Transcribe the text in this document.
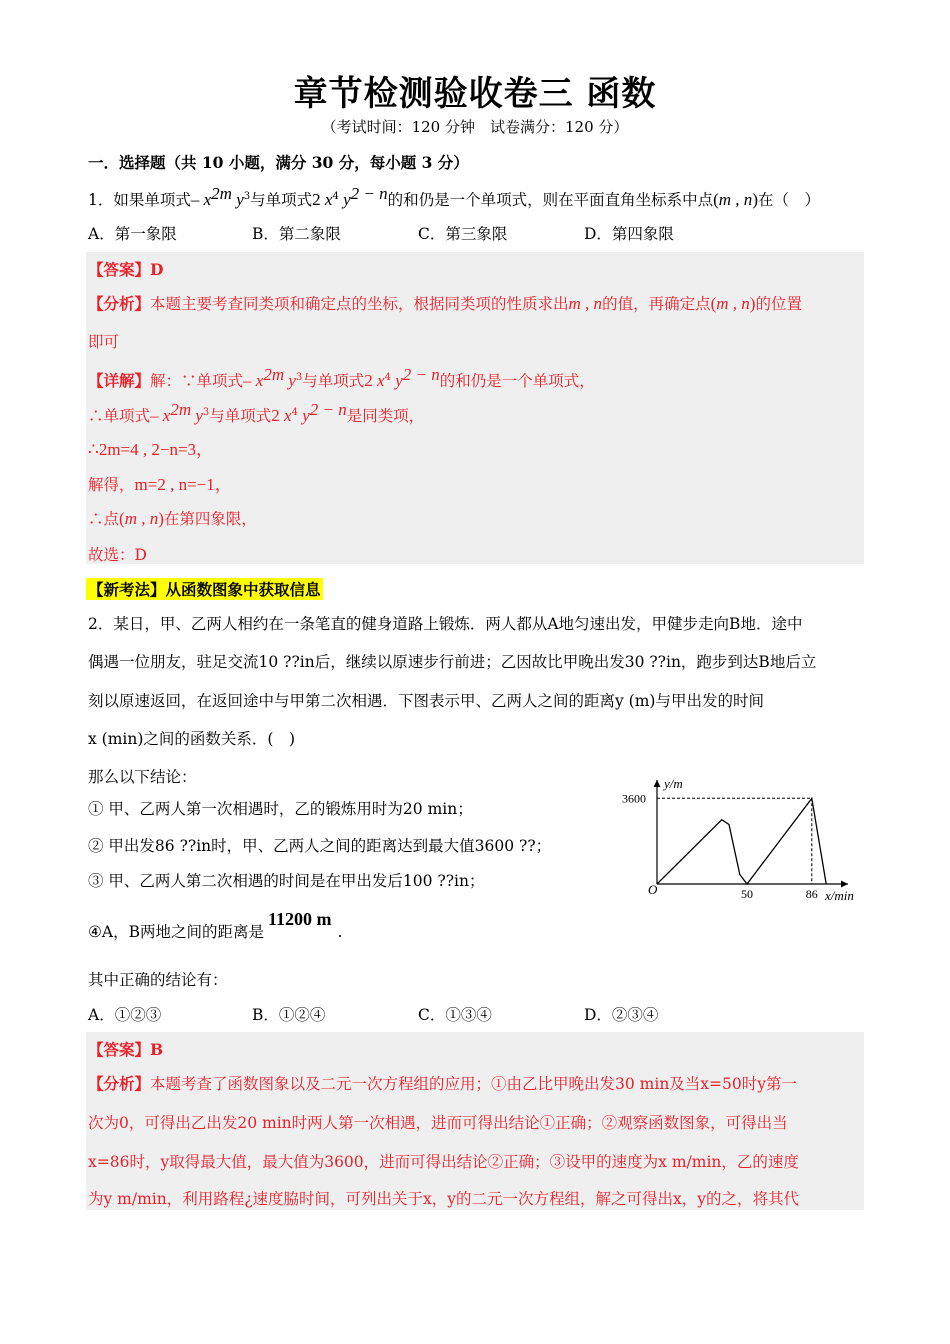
章节检测验收卷三 函数
（考试时间：120 分钟　试卷满分：120 分）
一．选择题（共 10 小题，满分 30 分，每小题 3 分）
1．如果单项式– $x^{2m}$ $y^3$与单项式2 $x^4$ $y^{2 - n}$的和仍是一个单项式，则在平面直角坐标系中点(m , n)在（　）
A．第一象限	B．第二象限	C．第三象限	D．第四象限
【答案】D
【分析】本题主要考查同类项和确定点的坐标，根据同类项的性质求出m , n的值，再确定点(m , n)的位置
即可
【详解】解：∵单项式– $x^{2m}$ $y^3$与单项式2 $x^4$ $y^{2 - n}$的和仍是一个单项式，
∴单项式– $x^{2m}$ $y^3$与单项式2 $x^4$ $y^{2 - n}$是同类项，
∴2m=4 , 2−n=3，
解得，m=2 , n=−1，
∴点(m , n)在第四象限，
故选：D
【新考法】从函数图象中获取信息
2．某日，甲、乙两人相约在一条笔直的健身道路上锻炼．两人都从A地匀速出发，甲健步走向B地．途中
偶遇一位朋友，驻足交流10 ??in后，继续以原速步行前进；乙因故比甲晚出发30 ??in，跑步到达B地后立
刻以原速返回，在返回途中与甲第二次相遇．下图表示甲、乙两人之间的距离y (m)与甲出发的时间
x (min)之间的函数关系．(　)
那么以下结论：
① 甲、乙两人第一次相遇时，乙的锻炼用时为20 min；
② 甲出发86 ??in时，甲、乙两人之间的距离达到最大值3600 ??；
③ 甲、乙两人第二次相遇的时间是在甲出发后100 ??in；
④A，B两地之间的距离是11200 m.
其中正确的结论有：
A．①②③	B．①②④	C．①③④	D．②③④
【答案】B
【分析】本题考查了函数图象以及二元一次方程组的应用；①由乙比甲晚出发30 min及当x=50时y第一
次为0，可得出乙出发20 min时两人第一次相遇，进而可得出结论①正确；②观察函数图象，可得出当
x=86时，y取得最大值，最大值为3600，进而可得出结论②正确；③设甲的速度为x m/min，乙的速度
为y m/min，利用路程¿速度脇时间，可列出关于x，y的二元一次方程组，解之可得出x，y的之，将其代
y/m
x/min
O
3600
50	86
